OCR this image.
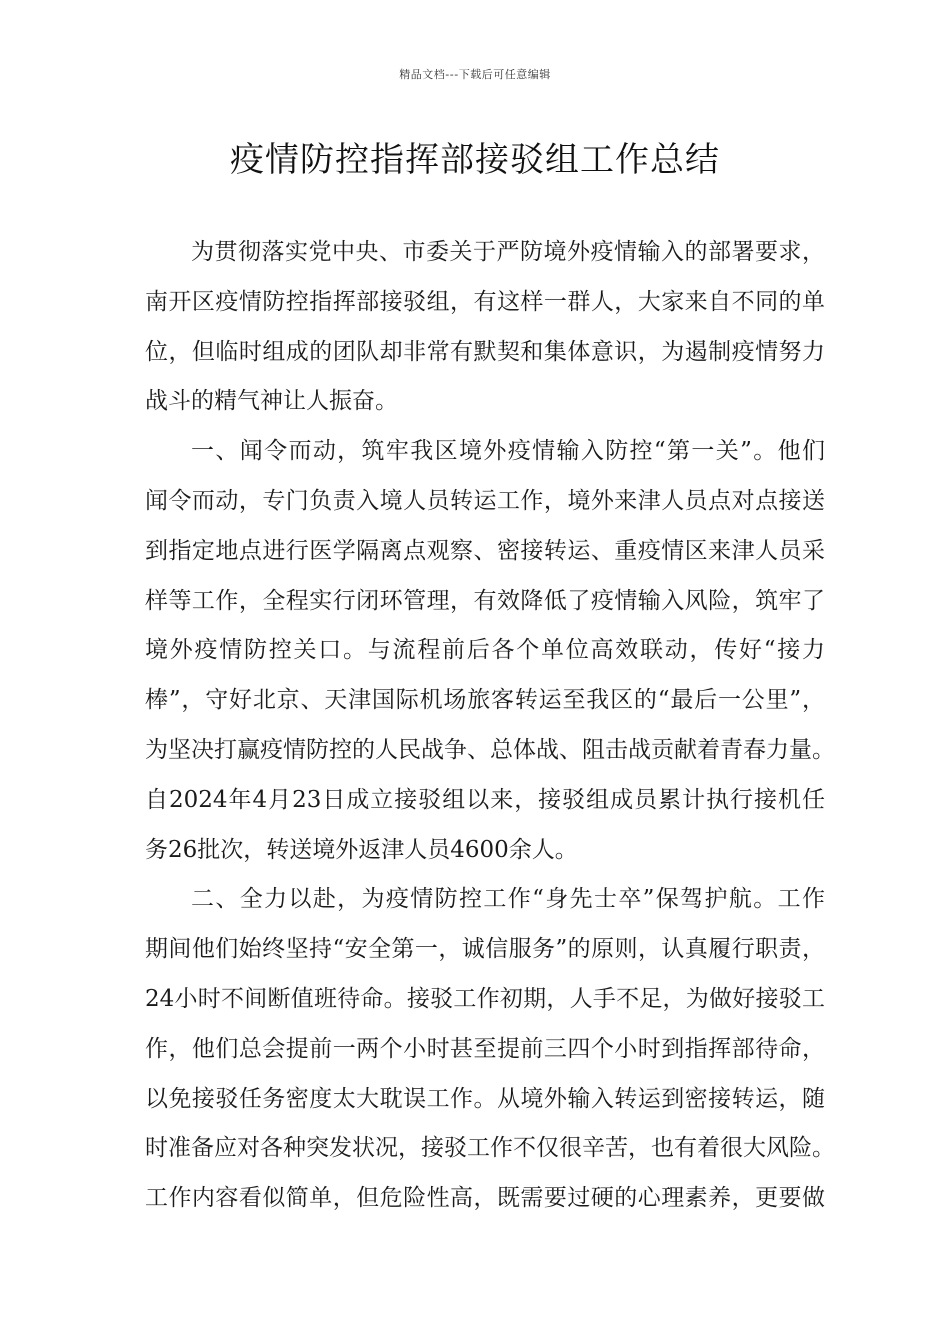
精品文档---下载后可任意编辑
疫情防控指挥部接驳组工作总结
为贯彻落实党中央、市委关于严防境外疫情输入的部署要求，
南开区疫情防控指挥部接驳组，有这样一群人，大家来自不同的单
位，但临时组成的团队却非常有默契和集体意识，为遏制疫情努力
战斗的精气神让人振奋。
一、闻令而动，筑牢我区境外疫情输入防控“第一关”。他们
闻令而动，专门负责入境人员转运工作，境外来津人员点对点接送
到指定地点进行医学隔离点观察、密接转运、重疫情区来津人员采
样等工作，全程实行闭环管理，有效降低了疫情输入风险，筑牢了
境外疫情防控关口。与流程前后各个单位高效联动，传好“接力
棒”，守好北京、天津国际机场旅客转运至我区的“最后一公里”，
为坚决打赢疫情防控的人民战争、总体战、阻击战贡献着青春力量。
自2024年4月23日成立接驳组以来，接驳组成员累计执行接机任
务26批次，转送境外返津人员4600余人。
二、全力以赴，为疫情防控工作“身先士卒”保驾护航。工作
期间他们始终坚持“安全第一，诚信服务”的原则，认真履行职责，
24小时不间断值班待命。接驳工作初期，人手不足，为做好接驳工
作，他们总会提前一两个小时甚至提前三四个小时到指挥部待命，
以免接驳任务密度太大耽误工作。从境外输入转运到密接转运，随
时准备应对各种突发状况，接驳工作不仅很辛苦，也有着很大风险。
工作内容看似简单，但危险性高，既需要过硬的心理素养，更要做
